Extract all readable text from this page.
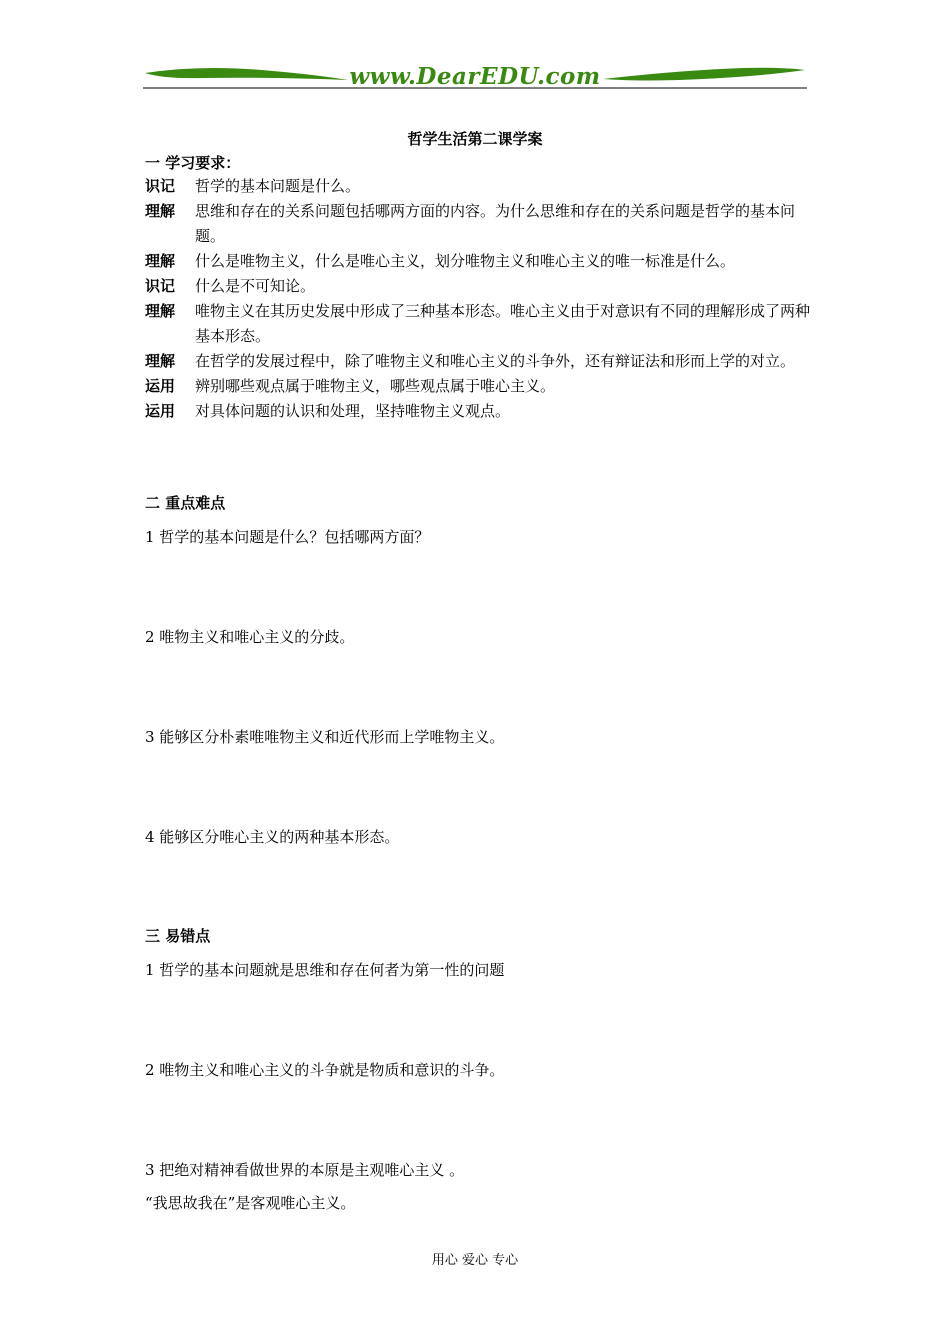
www.DearEDU.com
哲学生活第二课学案
一 学习要求：
识记	哲学的基本问题是什么。
理解	思维和存在的关系问题包括哪两方面的内容。为什么思维和存在的关系问题是哲学的基本问题。
理解	什么是唯物主义，什么是唯心主义，划分唯物主义和唯心主义的唯一标准是什么。
识记	什么是不可知论。
理解	唯物主义在其历史发展中形成了三种基本形态。唯心主义由于对意识有不同的理解形成了两种基本形态。
理解	在哲学的发展过程中，除了唯物主义和唯心主义的斗争外，还有辩证法和形而上学的对立。
运用	辨别哪些观点属于唯物主义，哪些观点属于唯心主义。
运用	对具体问题的认识和处理，坚持唯物主义观点。
二 重点难点
1 哲学的基本问题是什么？包括哪两方面？
2 唯物主义和唯心主义的分歧。
3 能够区分朴素唯唯物主义和近代形而上学唯物主义。
4 能够区分唯心主义的两种基本形态。
三 易错点
1 哲学的基本问题就是思维和存在何者为第一性的问题
2 唯物主义和唯心主义的斗争就是物质和意识的斗争。
3 把绝对精神看做世界的本原是主观唯心主义 。
“我思故我在”是客观唯心主义。
用心 爱心 专心
